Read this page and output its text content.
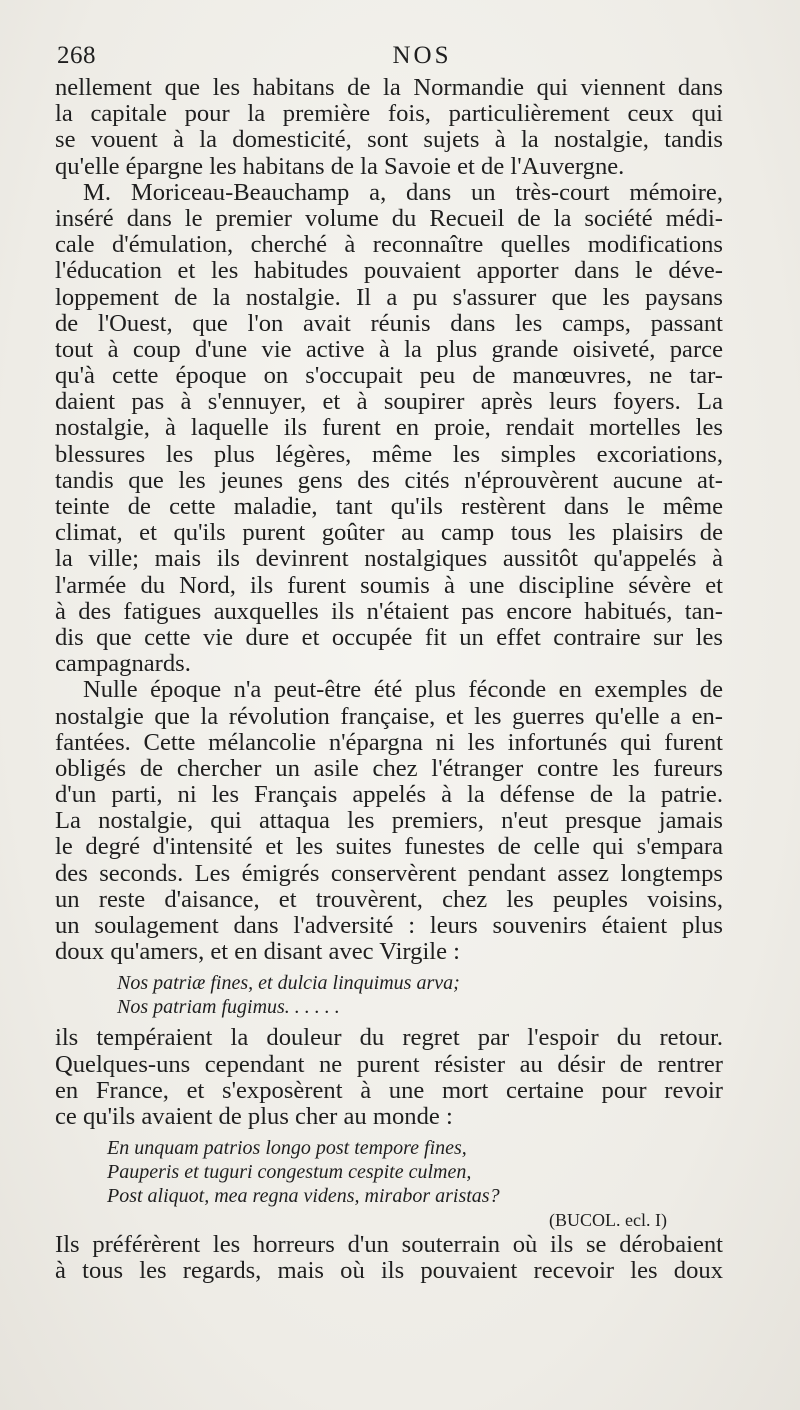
268	NOS
nellement que les habitans de la Normandie qui viennent dans
la capitale pour la première fois, particulièrement ceux qui
se vouent à la domesticité, sont sujets à la nostalgie, tandis
qu'elle épargne les habitans de la Savoie et de l'Auvergne.
M. Moriceau-Beauchamp a, dans un très-court mémoire,
inséré dans le premier volume du Recueil de la société médi-
cale d'émulation, cherché à reconnaître quelles modifications
l'éducation et les habitudes pouvaient apporter dans le déve-
loppement de la nostalgie. Il a pu s'assurer que les paysans
de l'Ouest, que l'on avait réunis dans les camps, passant
tout à coup d'une vie active à la plus grande oisiveté, parce
qu'à cette époque on s'occupait peu de manœuvres, ne tar-
daient pas à s'ennuyer, et à soupirer après leurs foyers. La
nostalgie, à laquelle ils furent en proie, rendait mortelles les
blessures les plus légères, même les simples excoriations,
tandis que les jeunes gens des cités n'éprouvèrent aucune at-
teinte de cette maladie, tant qu'ils restèrent dans le même
climat, et qu'ils purent goûter au camp tous les plaisirs de
la ville; mais ils devinrent nostalgiques aussitôt qu'appelés à
l'armée du Nord, ils furent soumis à une discipline sévère et
à des fatigues auxquelles ils n'étaient pas encore habitués, tan-
dis que cette vie dure et occupée fit un effet contraire sur les
campagnards.
Nulle époque n'a peut-être été plus féconde en exemples de
nostalgie que la révolution française, et les guerres qu'elle a en-
fantées. Cette mélancolie n'épargna ni les infortunés qui furent
obligés de chercher un asile chez l'étranger contre les fureurs
d'un parti, ni les Français appelés à la défense de la patrie.
La nostalgie, qui attaqua les premiers, n'eut presque jamais
le degré d'intensité et les suites funestes de celle qui s'empara
des seconds. Les émigrés conservèrent pendant assez longtemps
un reste d'aisance, et trouvèrent, chez les peuples voisins,
un soulagement dans l'adversité : leurs souvenirs étaient plus
doux qu'amers, et en disant avec Virgile :
Nos patriæ fines, et dulcia linquimus arva;
Nos patriam fugimus. . . . . .
ils tempéraient la douleur du regret par l'espoir du retour.
Quelques-uns cependant ne purent résister au désir de rentrer
en France, et s'exposèrent à une mort certaine pour revoir
ce qu'ils avaient de plus cher au monde :
En unquam patrios longo post tempore fines,
Pauperis et tuguri congestum cespite culmen,
Post aliquot, mea regna videns, mirabor aristas?
(BUCOL. ecl. I)
Ils préférèrent les horreurs d'un souterrain où ils se dérobaient
à tous les regards, mais où ils pouvaient recevoir les doux
